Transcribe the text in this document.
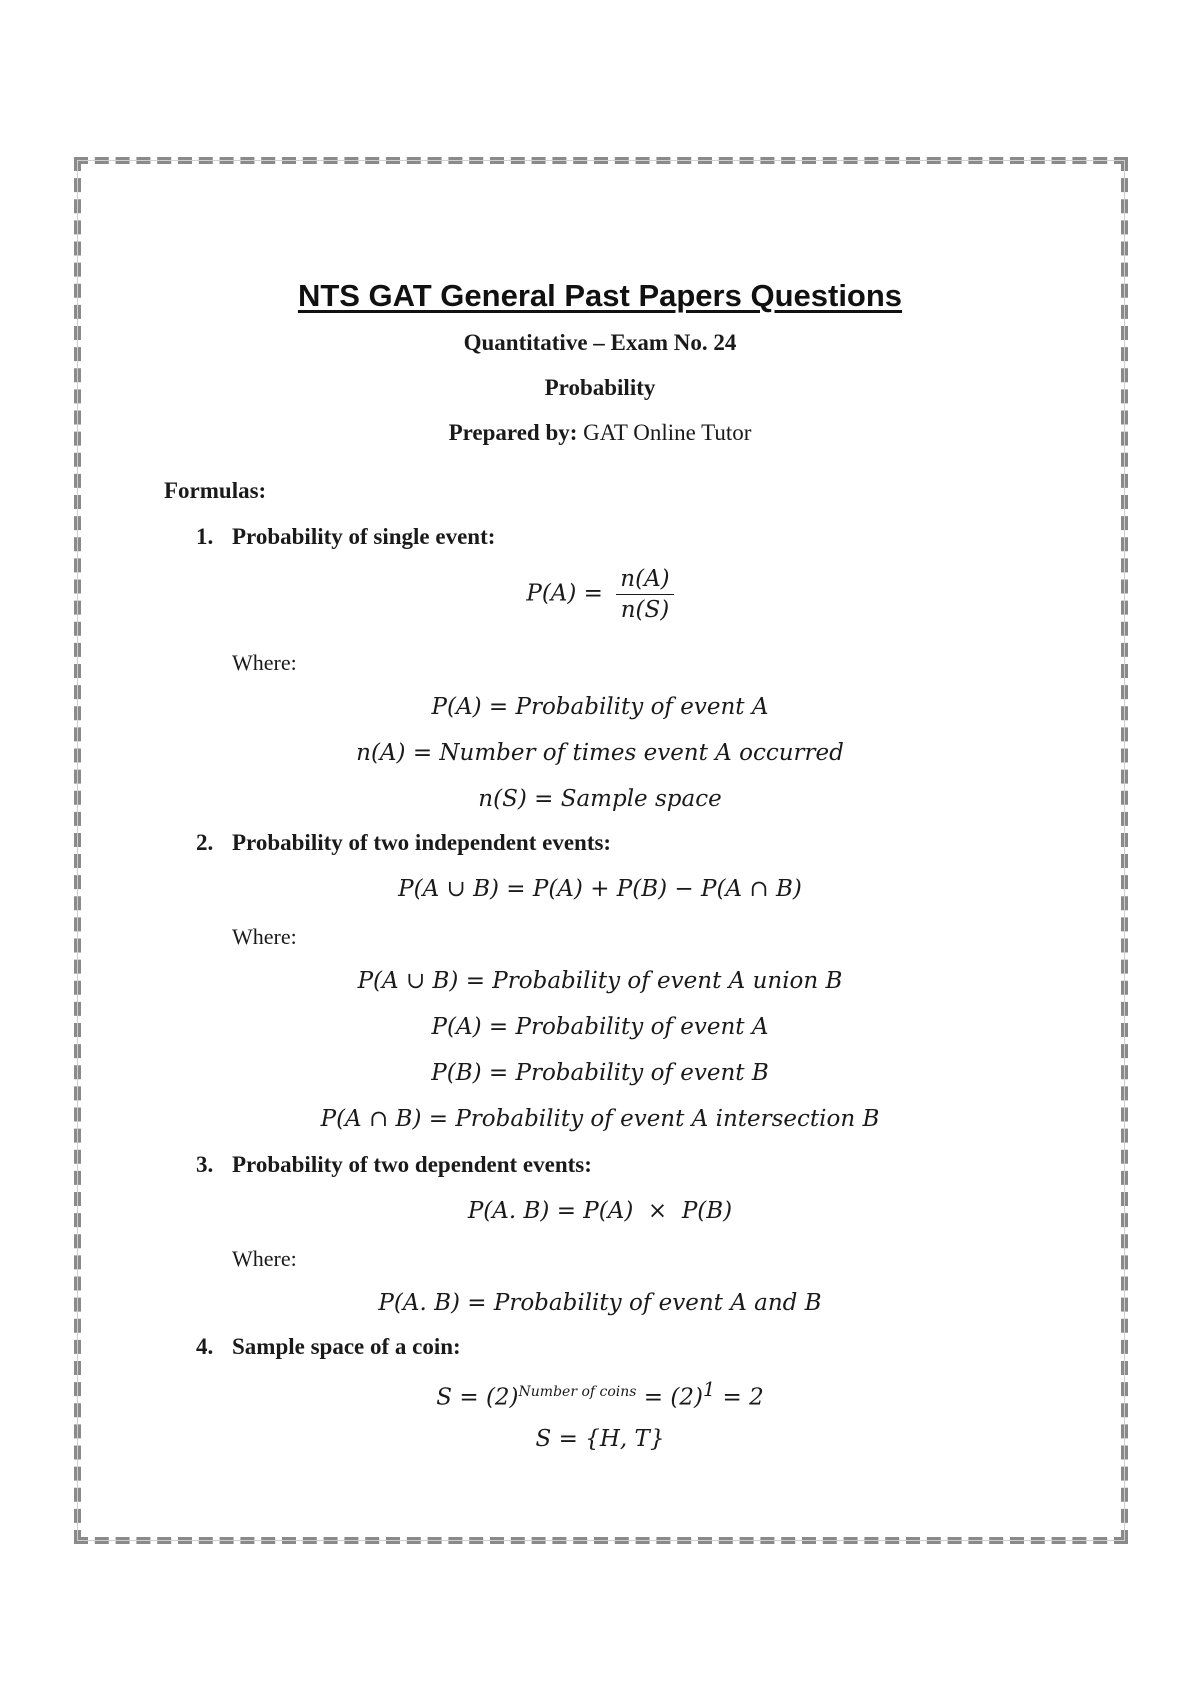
NTS GAT General Past Papers Questions
Quantitative – Exam No. 24
Probability
Prepared by: GAT Online Tutor
Formulas:
1. Probability of single event:
$P(A) = \frac{n(A)}{n(S)}$
Where:
P(A) = Probability of event A
n(A) = Number of times event A occurred
n(S) = Sample space
2. Probability of two independent events:
P(A ∪ B) = P(A) + P(B) − P(A ∩ B)
Where:
P(A ∪ B) = Probability of event A union B
P(A) = Probability of event A
P(B) = Probability of event B
P(A ∩ B) = Probability of event A intersection B
3. Probability of two dependent events:
P(A. B) = P(A)  ×  P(B)
Where:
P(A. B) = Probability of event A and B
4. Sample space of a coin:
$S = (2)^{Number of coins} = (2)^1 = 2$
S = {H, T}
